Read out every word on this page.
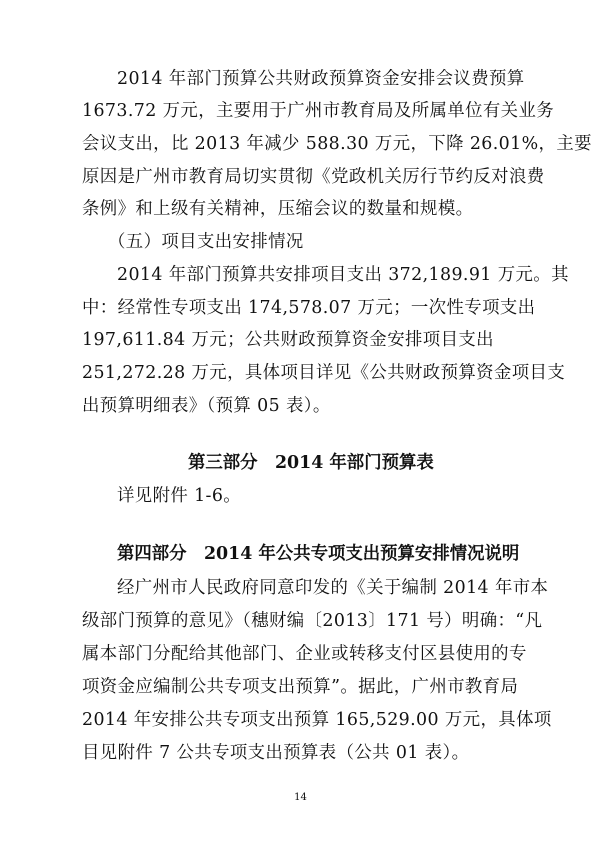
2014 年部门预算公共财政预算资金安排会议费预算
1673.72 万元，主要用于广州市教育局及所属单位有关业务
会议支出，比 2013 年减少 588.30 万元，下降 26.01%，主要
原因是广州市教育局切实贯彻《党政机关厉行节约反对浪费
条例》和上级有关精神，压缩会议的数量和规模。
（五）项目支出安排情况
2014 年部门预算共安排项目支出 372,189.91 万元。其
中：经常性专项支出 174,578.07 万元；一次性专项支出
197,611.84 万元；公共财政预算资金安排项目支出
251,272.28 万元，具体项目详见《公共财政预算资金项目支
出预算明细表》（预算 05 表）。
第三部分　2014 年部门预算表
详见附件 1-6。
第四部分　2014 年公共专项支出预算安排情况说明
经广州市人民政府同意印发的《关于编制 2014 年市本
级部门预算的意见》（穗财编〔2013〕171 号）明确：“凡
属本部门分配给其他部门、企业或转移支付区县使用的专
项资金应编制公共专项支出预算”。据此，广州市教育局
2014 年安排公共专项支出预算 165,529.00 万元，具体项
目见附件 7 公共专项支出预算表（公共 01 表）。
14
